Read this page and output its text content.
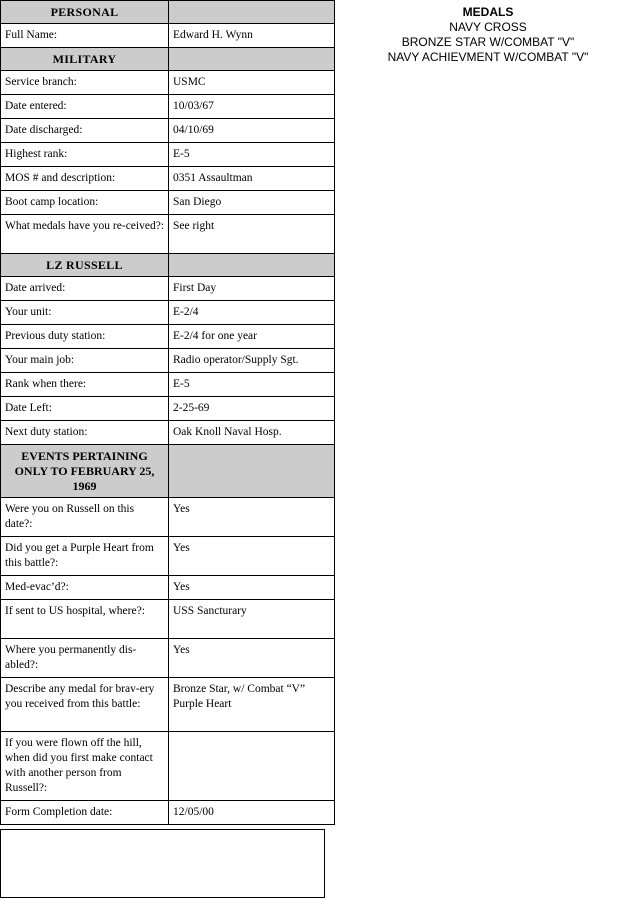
PERSONAL	
Full Name:	Edward H. Wynn
MILITARY	
Service branch:	USMC
Date entered:	10/03/67
Date discharged:	04/10/69
Highest rank:	E-5
MOS # and description:	0351 Assaultman
Boot camp location:	San Diego
What medals have you re-ceived?:	See right
LZ RUSSELL	
Date arrived:	First Day
Your unit:	E-2/4
Previous duty station:	E-2/4 for one year
Your main job:	Radio operator/Supply Sgt.
Rank when there:	E-5
Date Left:	2-25-69
Next duty station:	Oak Knoll Naval Hosp.
EVENTS PERTAINING ONLY TO FEBRUARY 25, 1969	
Were you on Russell on this date?:	Yes
Did you get a Purple Heart from this battle?:	Yes
Med-evac’d?:	Yes
If sent to US hospital, where?:	USS Sancturary
Where you permanently dis-abled?:	Yes
Describe any medal for brav-ery you received from this battle:	Bronze Star, w/ Combat “V”
Purple Heart

If you were flown off the hill, when did you first make contact with another person from Russell?:	
Form Completion date:	12/05/00
MEDALS
NAVY CROSS
BRONZE STAR W/COMBAT "V"
NAVY ACHIEVMENT W/COMBAT "V"
